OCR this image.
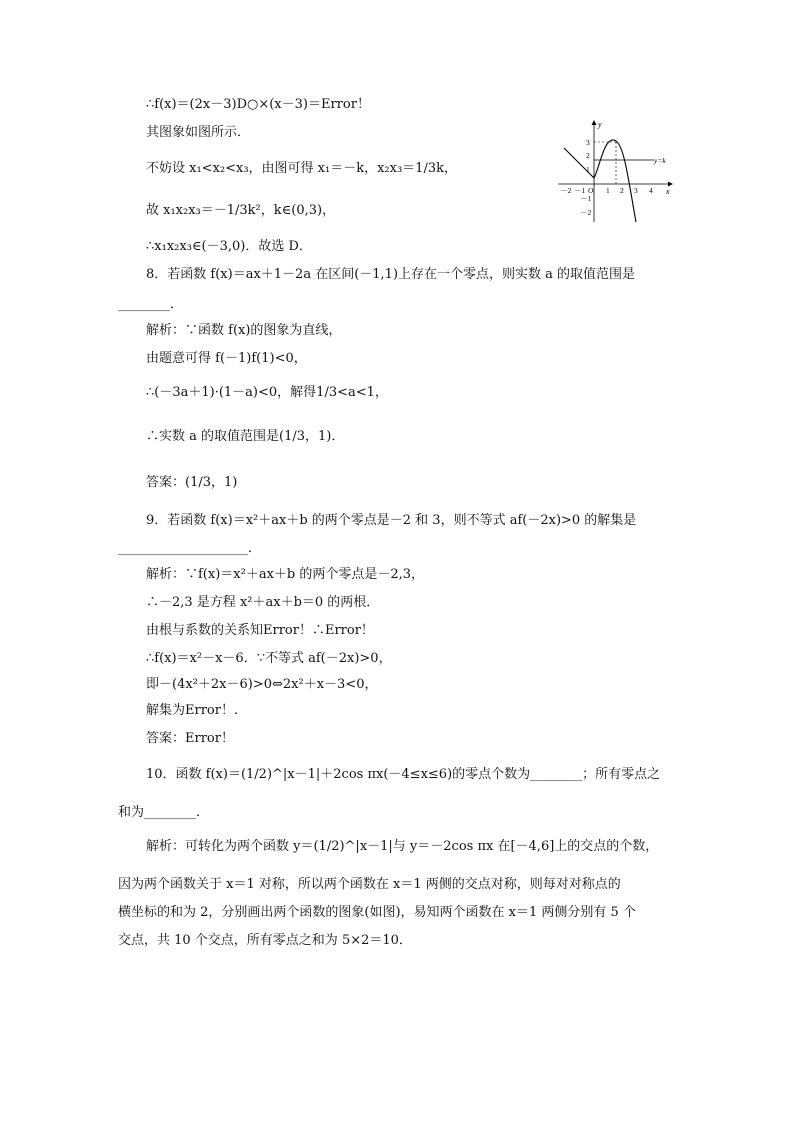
∴f(x)＝(2x－3)D○×(x－3)＝Error！
其图象如图所示．
不妨设 x₁<x₂<x₃，由图可得 x₁＝－k，x₂x₃＝1/3k，
故 x₁x₂x₃＝－1/3k²，k∈(0,3)，
∴x₁x₂x₃∈(－3,0)．故选 D．
8．若函数 f(x)＝ax＋1－2a 在区间(－1,1)上存在一个零点，则实数 a 的取值范围是
________．
解析：∵函数 f(x)的图象为直线，
由题意可得 f(－1)f(1)<0，
∴(－3a＋1)·(1－a)<0，解得1/3<a<1，
∴实数 a 的取值范围是(1/3，1)．
答案：(1/3，1)
9．若函数 f(x)＝x²＋ax＋b 的两个零点是－2 和 3，则不等式 af(－2x)>0 的解集是
____________________．
解析：∵f(x)＝x²＋ax＋b 的两个零点是－2,3，
∴－2,3 是方程 x²＋ax＋b＝0 的两根．
由根与系数的关系知Error！∴Error！
∴f(x)＝x²－x－6．∵不等式 af(－2x)>0，
即－(4x²＋2x－6)>0⇔2x²＋x－3<0，
解集为Error！.
答案：Error！
10．函数 f(x)＝(1/2)^|x－1|＋2cos πx(－4≤x≤6)的零点个数为________；所有零点之
和为________．
解析：可转化为两个函数 y＝(1/2)^|x－1|与 y＝－2cos πx 在[－4,6]上的交点的个数，
因为两个函数关于 x＝1 对称，所以两个函数在 x＝1 两侧的交点对称，则每对对称点的
横坐标的和为 2，分别画出两个函数的图象(如图)，易知两个函数在 x＝1 两侧分别有 5 个
交点，共 10 个交点，所有零点之和为 5×2＝10．
y
x
y=k
3
2
1
－1
－2
－2 －1 O 1 2 3 4
